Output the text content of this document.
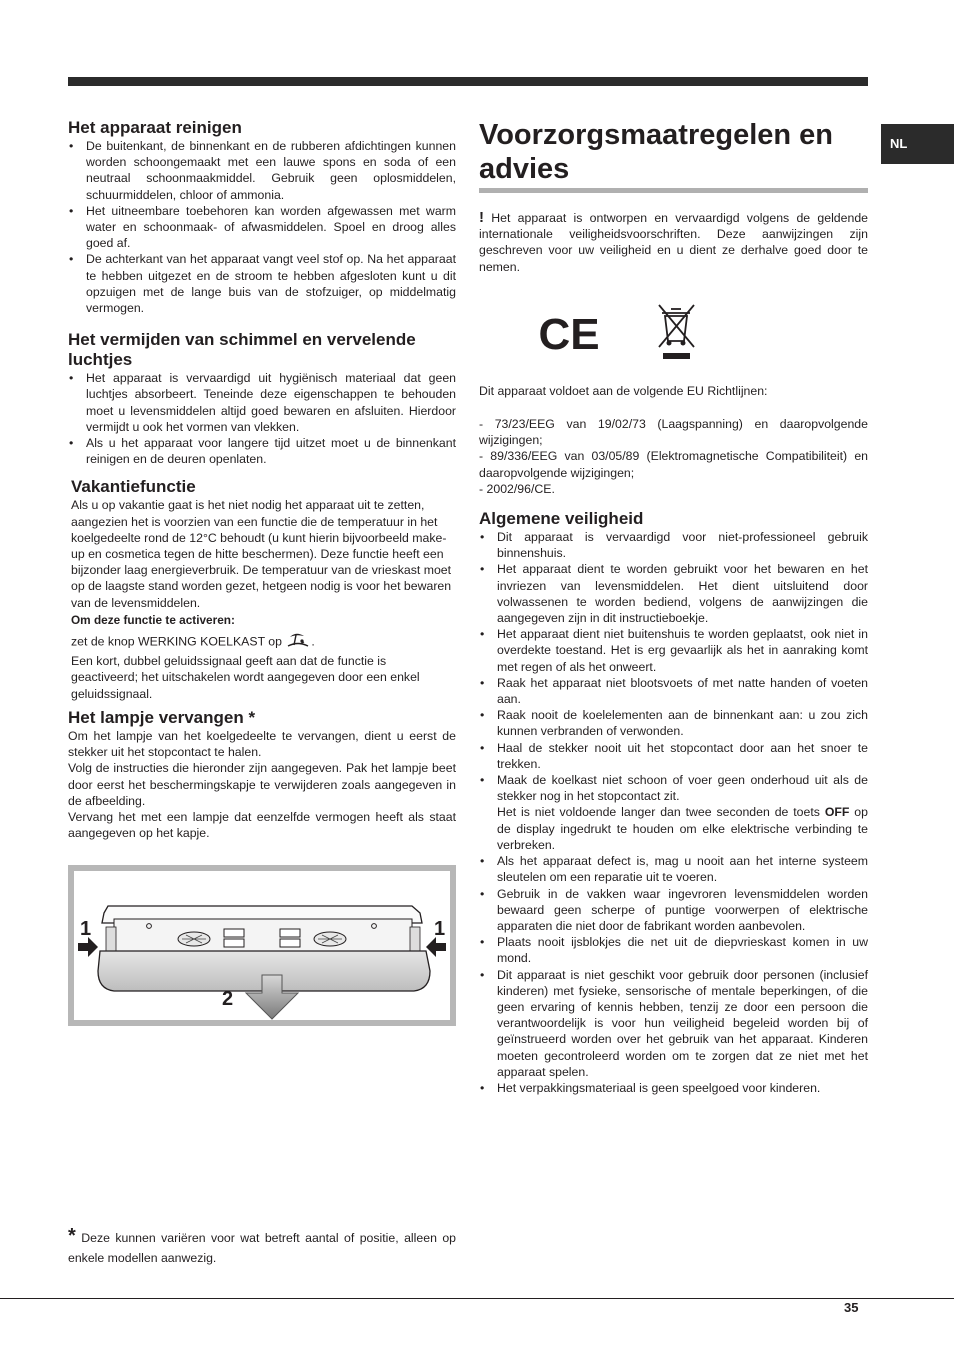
NL
Het apparaat reinigen
• De buitenkant, de binnenkant en de rubberen afdichtingen kunnen worden schoongemaakt met een lauwe spons en soda of een neutraal schoonmaakmiddel. Gebruik geen oplosmiddelen, schuurmiddelen, chloor of ammonia.
• Het uitneembare toebehoren kan worden afgewassen met warm water en schoonmaak- of afwasmiddelen. Spoel en droog alles goed af.
• De achterkant van het apparaat vangt veel stof op. Na het apparaat te hebben uitgezet en de stroom te hebben afgesloten kunt u dit opzuigen met de lange buis van de stofzuiger, op middelmatig vermogen.
Het vermijden van schimmel en vervelende luchtjes
• Het apparaat is vervaardigd uit hygiënisch materiaal dat geen luchtjes absorbeert. Teneinde deze eigenschappen te behouden moet u levensmiddelen altijd goed bewaren en afsluiten. Hierdoor vermijdt u ook het vormen van vlekken.
• Als u het apparaat voor langere tijd uitzet moet u de binnenkant reinigen en de deuren openlaten.
Vakantiefunctie

Als u op vakantie gaat is het niet nodig het apparaat uit te zetten, aangezien het is voorzien van een functie die de temperatuur in het koelgedeelte rond de 12°C behoudt (u kunt hierin bijvoorbeeld make-up en cosmetica tegen de hitte beschermen). Deze functie heeft een bijzonder laag energieverbruik. De temperatuur van de vrieskast moet op de laagste stand worden gezet, hetgeen nodig is voor het bewaren van de levensmiddelen.

Om deze functie te activeren:

zet de knop WERKING KOELKAST op .

Een kort, dubbel geluidssignaal geeft aan dat de functie is geactiveerd; het uitschakelen wordt aangegeven door een enkel geluidssignaal.

Het lampje vervangen *

Om het lampje van het koelgedeelte te vervangen, dient u eerst de stekker uit het stopcontact te halen.

Volg de instructies die hieronder zijn aangegeven. Pak het lampje beet door eerst het beschermingskapje te verwijderen zoals aangegeven in de afbeelding.

Vervang het met een lampje dat eenzelfde vermogen heeft als staat aangegeven op het kapje.

1	1
2
Voorzorgsmaatregelen en advies

! Het apparaat is ontworpen en vervaardigd volgens de geldende internationale veiligheidsvoorschriften. Deze aanwijzingen zijn geschreven voor uw veiligheid en u dient ze derhalve goed door te nemen.

CE

Dit apparaat voldoet aan de volgende EU Richtlijnen:

- 73/23/EEG van 19/02/73 (Laagspanning) en daaropvolgende wijzigingen;

- 89/336/EEG van 03/05/89 (Elektromagnetische Compatibiliteit) en daaropvolgende wijzigingen;

- 2002/96/CE.

Algemene veiligheid
• Dit apparaat is vervaardigd voor niet-professioneel gebruik binnenshuis.
• Het apparaat dient te worden gebruikt voor het bewaren en het invriezen van levensmiddelen. Het dient uitsluitend door volwassenen te worden bediend, volgens de aanwijzingen die aangegeven zijn in dit instructieboekje.
• Het apparaat dient niet buitenshuis te worden geplaatst, ook niet in overdekte toestand. Het is erg gevaarlijk als het in aanraking komt met regen of als het onweert.
• Raak het apparaat niet blootsvoets of met natte handen of voeten aan.
• Raak nooit de koelelementen aan de binnenkant aan: u zou zich kunnen verbranden of verwonden.
• Haal de stekker nooit uit het stopcontact door aan het snoer te trekken.
• Maak de koelkast niet schoon of voer geen onderhoud uit als de stekker nog in het stopcontact zit.
Het is niet voldoende langer dan twee seconden de toets OFF op de display ingedrukt te houden om elke elektrische verbinding te verbreken.
• Als het apparaat defect is, mag u nooit aan het interne systeem sleutelen om een reparatie uit te voeren.
• Gebruik in de vakken waar ingevroren levensmiddelen worden bewaard geen scherpe of puntige voorwerpen of elektrische apparaten die niet door de fabrikant worden aanbevolen.
• Plaats nooit ijsblokjes die net uit de diepvrieskast komen in uw mond.
• Dit apparaat is niet geschikt voor gebruik door personen (inclusief kinderen) met fysieke, sensorische of mentale beperkingen, of die geen ervaring of kennis hebben, tenzij ze door een persoon die verantwoordelijk is voor hun veiligheid begeleid worden bij of geïnstrueerd worden over het gebruik van het apparaat. Kinderen moeten gecontroleerd worden om te zorgen dat ze niet met het apparaat spelen.
• Het verpakkingsmateriaal is geen speelgoed voor kinderen.
* Deze kunnen variëren voor wat betreft aantal of positie, alleen op enkele modellen aanwezig.
35
